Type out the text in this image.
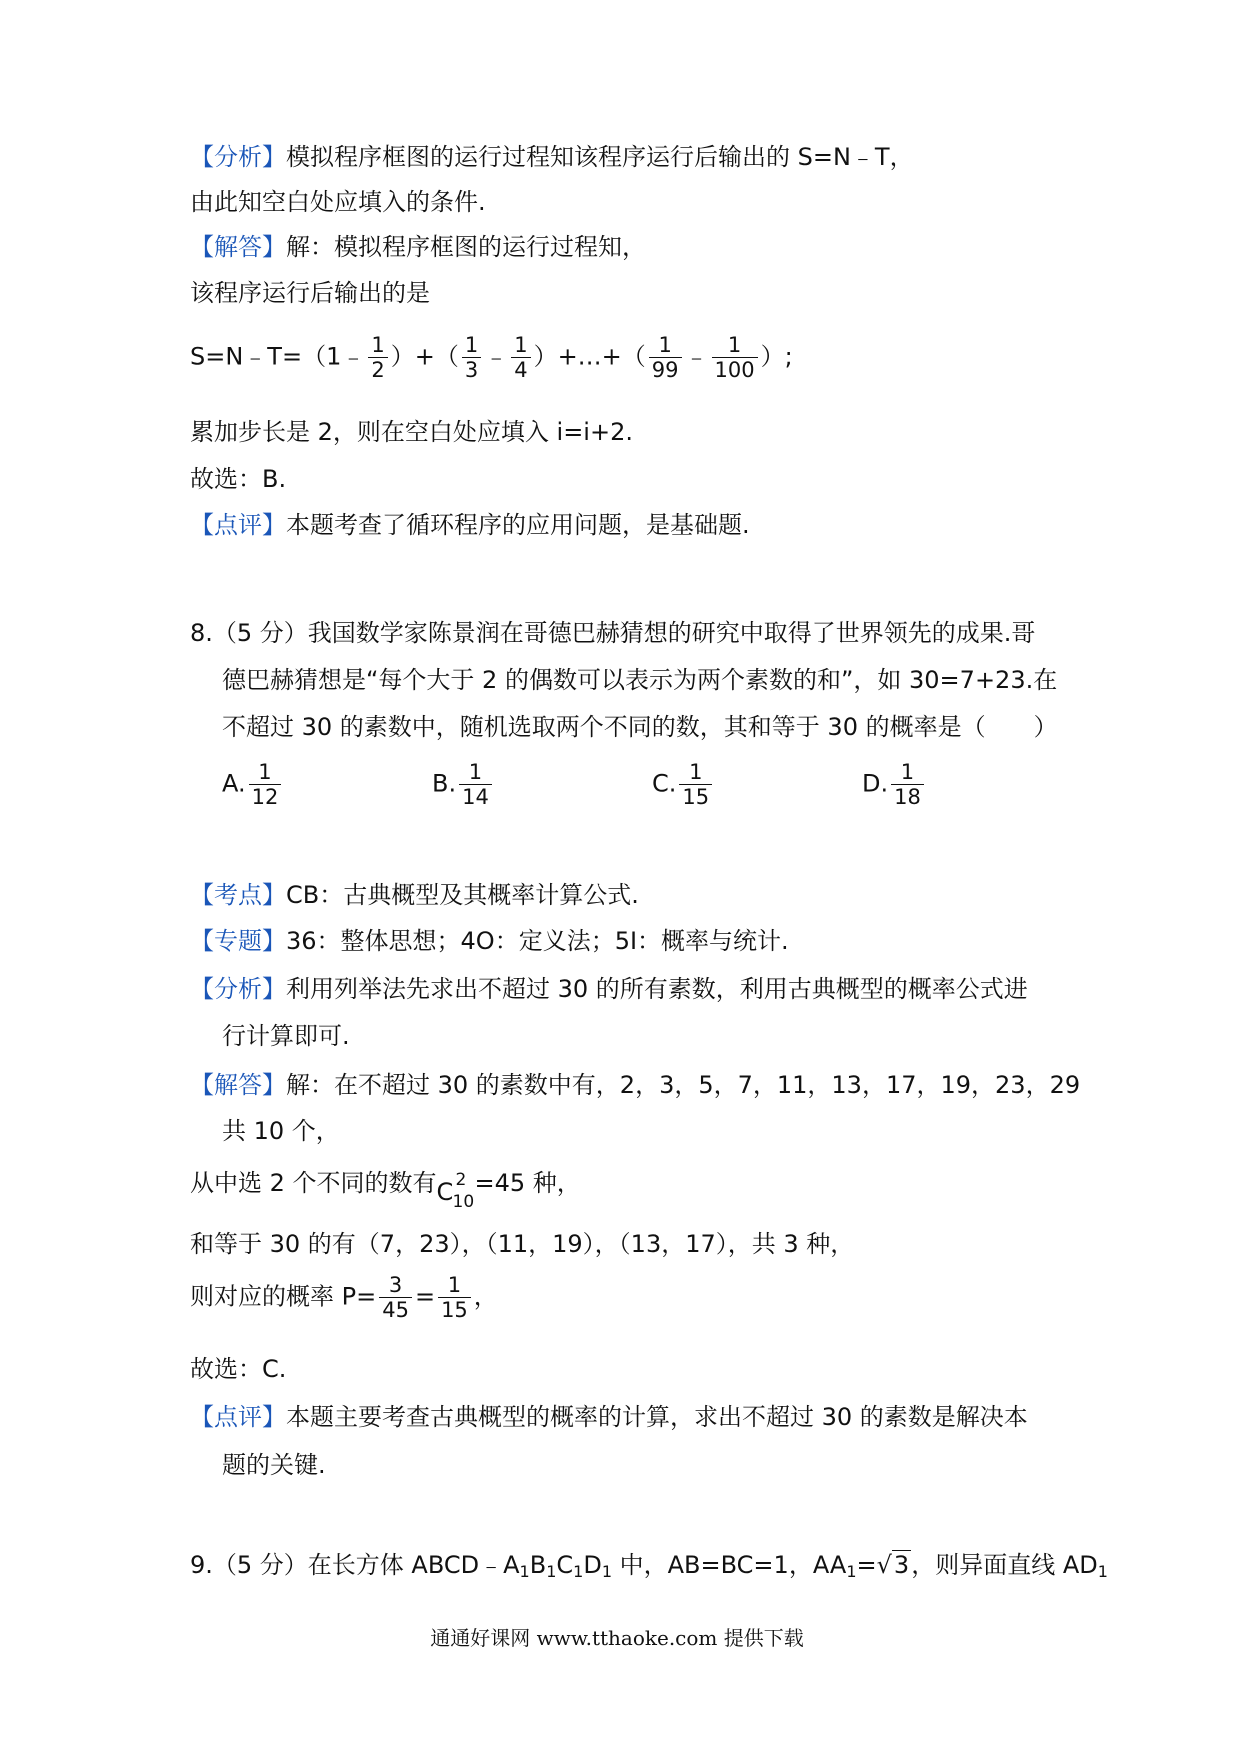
【分析】模拟程序框图的运行过程知该程序运行后输出的 S=N﹣T，
由此知空白处应填入的条件.
【解答】解：模拟程序框图的运行过程知，
该程序运行后输出的是
S=N﹣T=（1﹣ $\frac{1}{2}$ ）+（ $\frac{1}{3}$ ﹣ $\frac{1}{4}$ ）+…+（ $\frac{1}{99}$ ﹣ $\frac{1}{100}$ ）;
累加步长是 2，则在空白处应填入 i=i+2.
故选：B.
【点评】本题考查了循环程序的应用问题，是基础题.
8.（5 分）我国数学家陈景润在哥德巴赫猜想的研究中取得了世界领先的成果.哥
德巴赫猜想是“每个大于 2 的偶数可以表示为两个素数的和”，如 30=7+23.在
不超过 30 的素数中，随机选取两个不同的数，其和等于 30 的概率是（　　）
A. $\frac{1}{12}$	B. $\frac{1}{14}$	C. $\frac{1}{15}$	D. $\frac{1}{18}$
【考点】CB：古典概型及其概率计算公式.
【专题】36：整体思想；4O：定义法；5I：概率与统计.
【分析】利用列举法先求出不超过 30 的所有素数，利用古典概型的概率公式进
行计算即可.
【解答】解：在不超过 30 的素数中有，2，3，5，7，11，13，17，19，23，29
共 10 个，
从中选 2 个不同的数有 C 2
10
=45 种，
和等于 30 的有（7，23），（11，19），（13，17），共 3 种，
则对应的概率 $P= \frac{3}{45} = \frac{1}{15}$ ，
故选：C.
【点评】本题主要考查古典概型的概率的计算，求出不超过 30 的素数是解决本
题的关键.
9.（5 分）在长方体 $ABCD﹣A_1B_1C_1D_1$ 中，AB=BC=1，$AA_1=√3$，则异面直线 $AD_1$
通通好课网 www.tthaoke.com 提供下载
